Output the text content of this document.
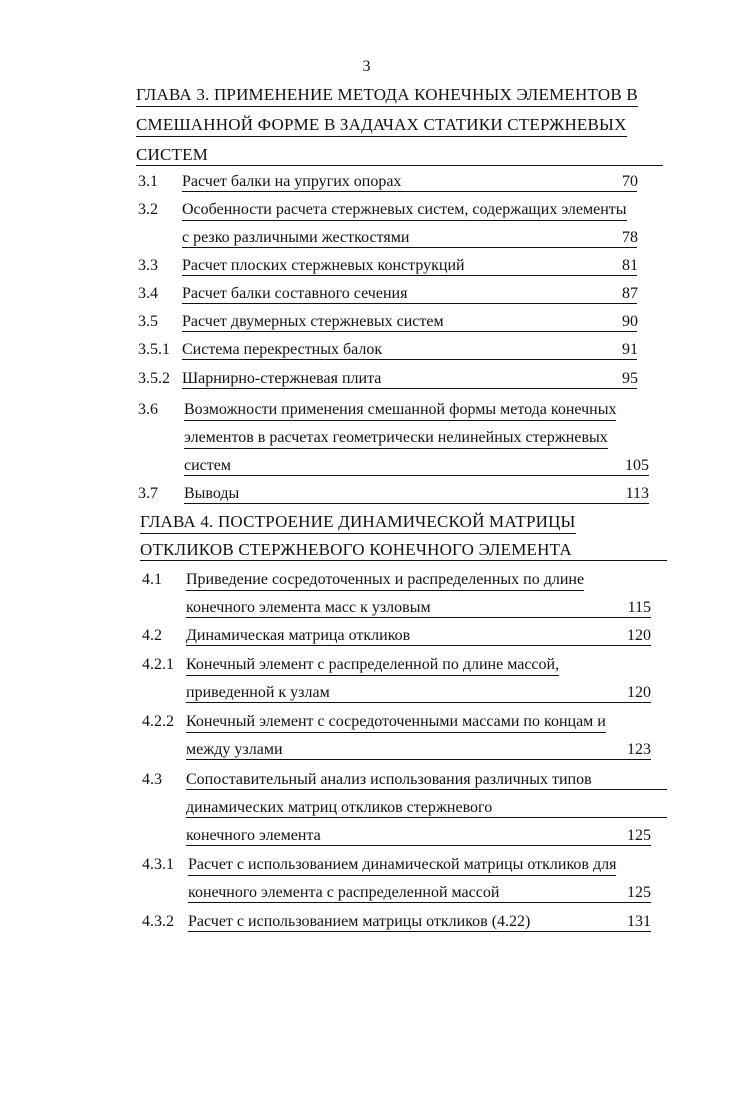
3
ГЛАВА 3. ПРИМЕНЕНИЕ МЕТОДА КОНЕЧНЫХ ЭЛЕМЕНТОВ В
СМЕШАННОЙ ФОРМЕ В ЗАДАЧАХ СТАТИКИ СТЕРЖНЕВЫХ
СИСТЕМ
3.1 Расчет балки на упругих опорах	70
3.2 Особенности расчета стержневых систем, содержащих элементы
с резко различными жесткостями	78
3.3 Расчет плоских стержневых конструкций	81
3.4 Расчет балки составного сечения	87
3.5 Расчет двумерных стержневых систем	90
3.5.1 Система перекрестных балок	91
3.5.2 Шарнирно-стержневая плита	95
3.6 Возможности применения смешанной формы метода конечных
элементов в расчетах геометрически нелинейных стержневых
систем	105
3.7 Выводы	113
ГЛАВА 4. ПОСТРОЕНИЕ ДИНАМИЧЕСКОЙ МАТРИЦЫ
ОТКЛИКОВ СТЕРЖНЕВОГО КОНЕЧНОГО ЭЛЕМЕНТА
4.1 Приведение сосредоточенных и распределенных по длине
конечного элемента масс к узловым	115
4.2 Динамическая матрица откликов	120
4.2.1 Конечный элемент с распределенной по длине массой,
приведенной к узлам	120
4.2.2 Конечный элемент с сосредоточенными массами по концам и
между узлами	123
4.3 Сопоставительный анализ использования различных типов
динамических матриц откликов стержневого
конечного элемента	125
4.3.1 Расчет с использованием динамической матрицы откликов для
конечного элемента с распределенной массой	125
4.3.2 Расчет с использованием матрицы откликов (4.22)	131
